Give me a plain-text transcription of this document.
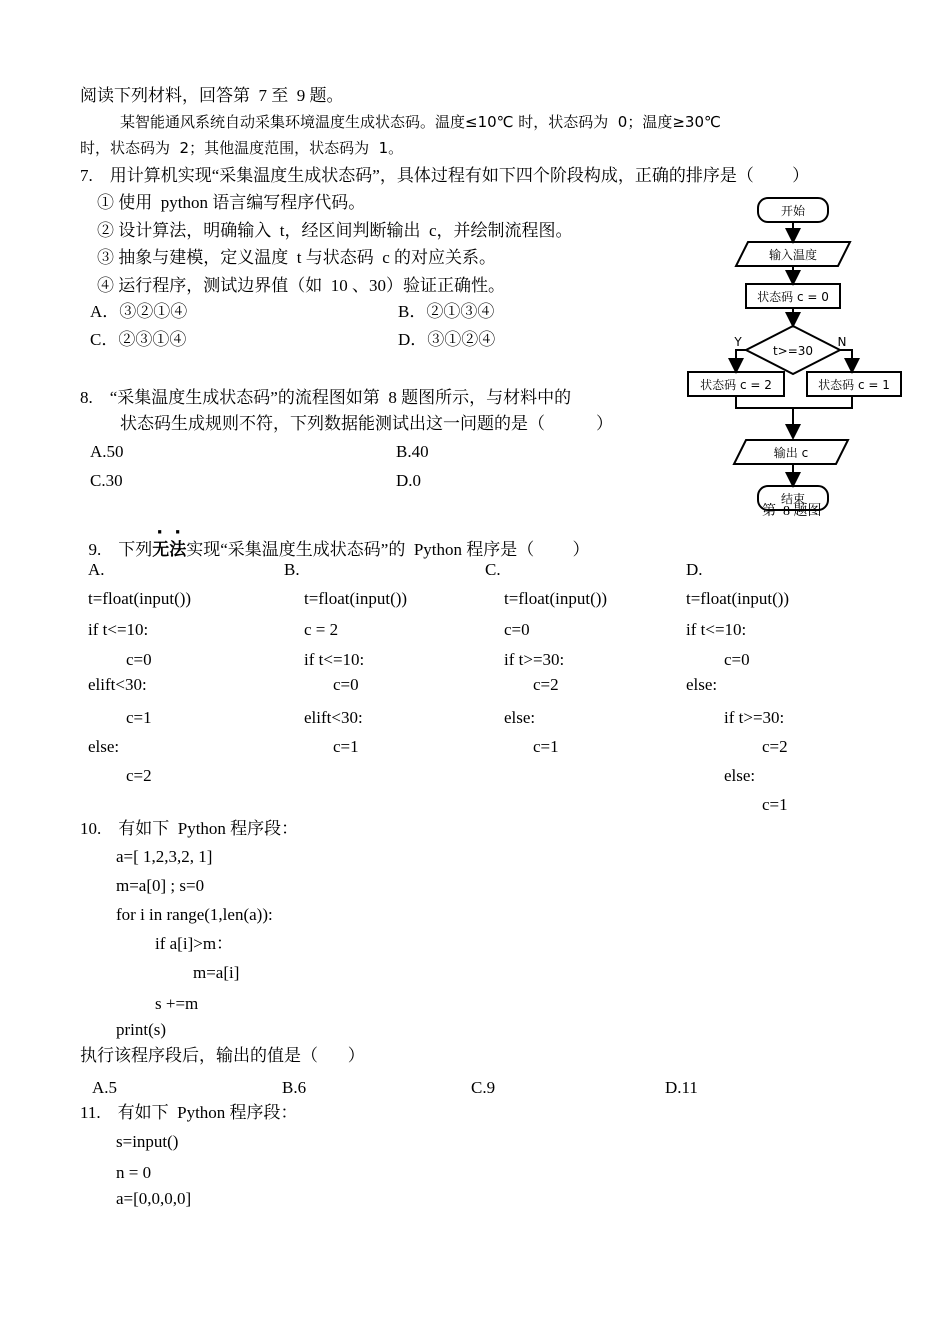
阅读下列材料，回答第  7 至  9 题。
某智能通风系统自动采集环境温度生成状态码。温度≤10℃ 时，状态码为  0；温度≥30℃
时，状态码为  2；其他温度范围，状态码为  1。
7.    用计算机实现“采集温度生成状态码”，具体过程有如下四个阶段构成，正确的排序是（         ）
① 使用  python 语言编写程序代码。
② 设计算法，明确输入  t，经区间判断输出  c，并绘制流程图。
③ 抽象与建模，定义温度  t 与状态码  c 的对应关系。
④ 运行程序，测试边界值（如  10 、30）验证正确性。
A．③②①④	B．②①③④
C．②③①④	D．③①②④
8.    “采集温度生成状态码”的流程图如第  8 题图所示，与材料中的
状态码生成规则不符，下列数据能测试出这一问题的是（            ）
A.50	B.40
C.30	D.0
开始
输入温度
状态码 c = 0
t>=30
Y	N
状态码 c = 2	状态码 c = 1
输出 c
结束
第  8 题图

9.    下列
· ·
无法实现“采集温度生成状态码”的  Python 程序是（         ）

A.
t=float(input())
if t<=10:
c=0
elift<30:
c=1
else:
c=2
B.
t=float(input())
c = 2
if t<=10:
c=0
elift<30:
c=1
C.
t=float(input())
c=0
if t>=30:
c=2
else:
c=1
D.
t=float(input())
if t<=10:
c=0
else:
if t>=30:
c=2
else:
c=1
10.    有如下  Python 程序段：
a=[ 1,2,3,2, 1]
m=a[0] ; s=0
for i in range(1,len(a)):
if a[i]>m：
m=a[i]
s +=m
print(s)
执行该程序段后，输出的值是（       ）
A.5	B.6	C.9	D.11
11.    有如下  Python 程序段：
s=input()
n = 0
a=[0,0,0,0]
